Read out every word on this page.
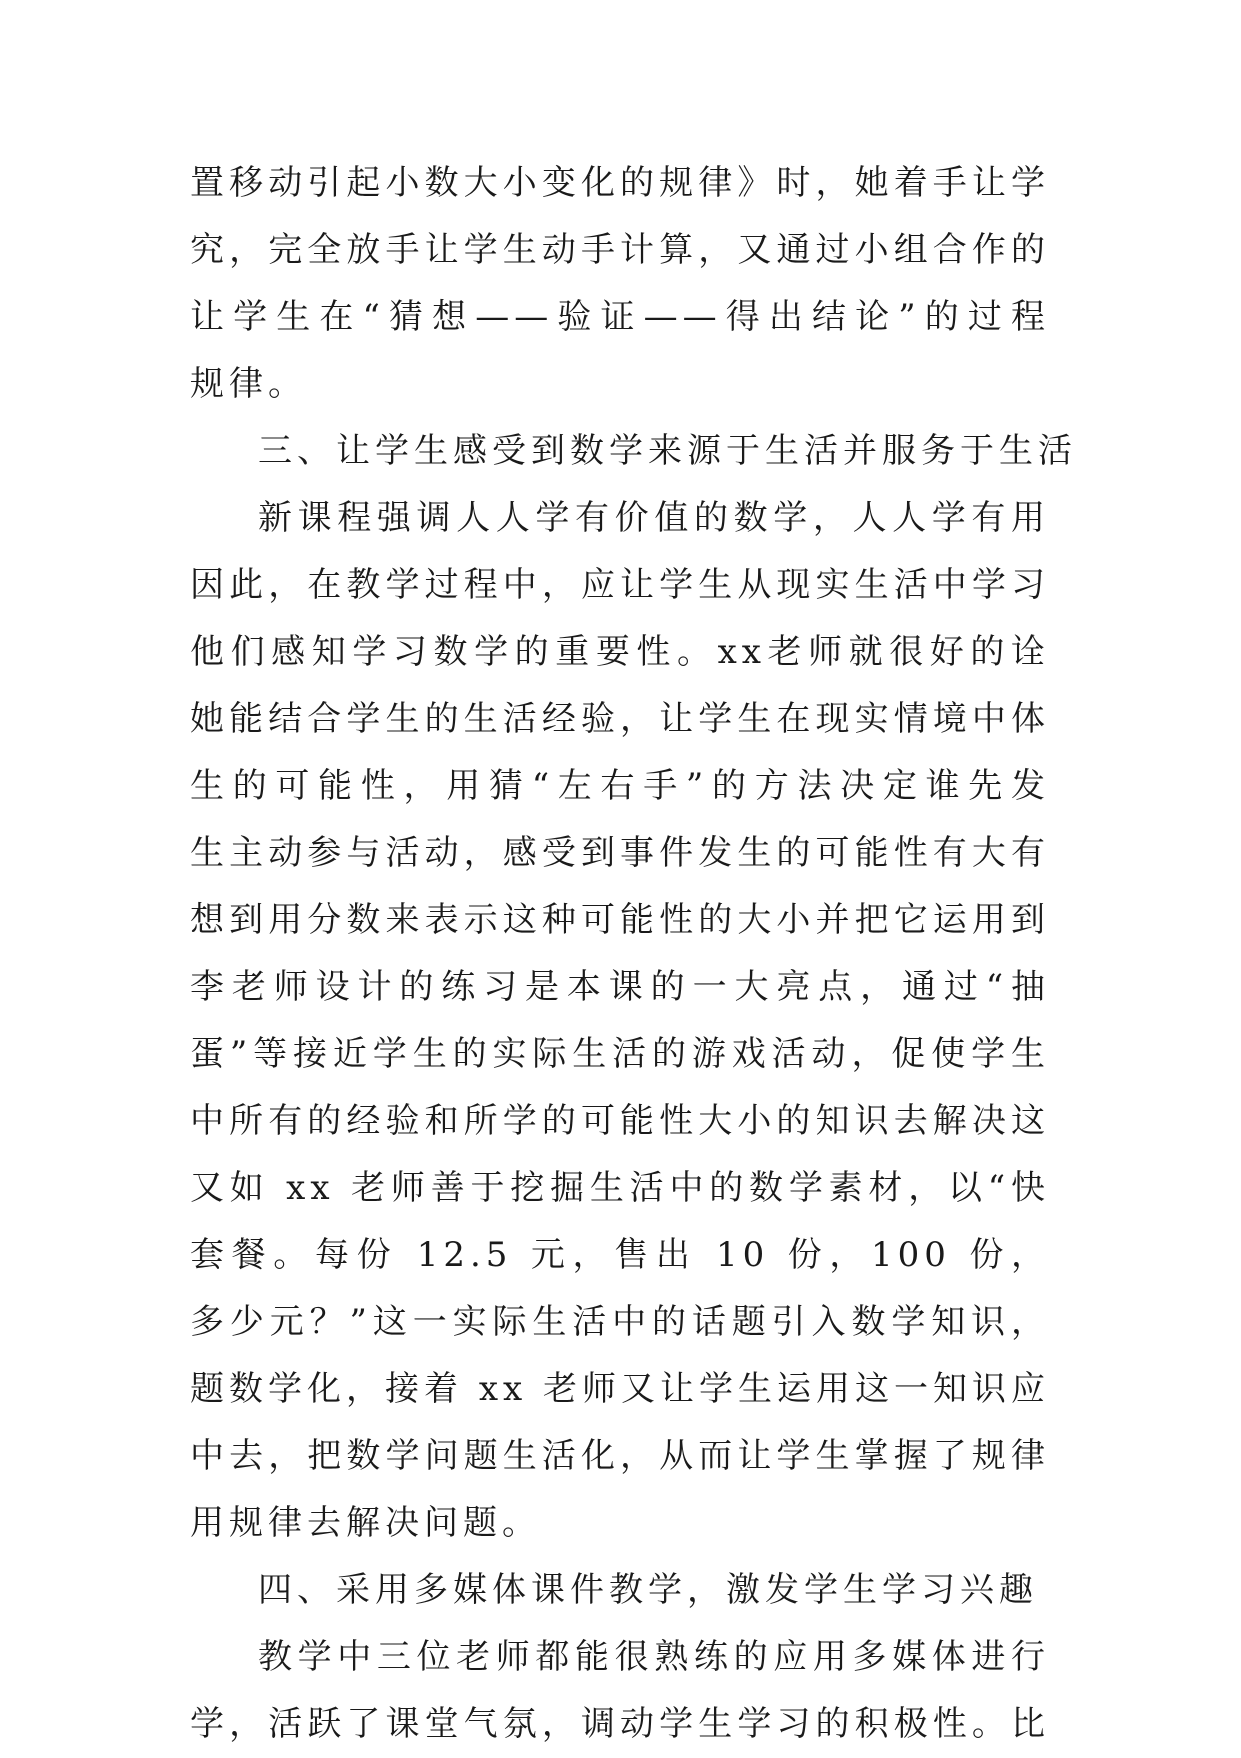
置移动引起小数大小变化的规律》时，她着手让学
究，完全放手让学生动手计算，又通过小组合作的
让学生在“猜想——验证——得出结论”的过程
规律。
三、让学生感受到数学来源于生活并服务于生活
新课程强调人人学有价值的数学，人人学有用
因此，在教学过程中，应让学生从现实生活中学习
他们感知学习数学的重要性。xx老师就很好的诠
她能结合学生的生活经验，让学生在现实情境中体
生的可能性，用猜“左右手”的方法决定谁先发
生主动参与活动，感受到事件发生的可能性有大有
想到用分数来表示这种可能性的大小并把它运用到
李老师设计的练习是本课的一大亮点，通过“抽
蛋”等接近学生的实际生活的游戏活动，促使学生
中所有的经验和所学的可能性大小的知识去解决这
又如 xx 老师善于挖掘生活中的数学素材，以“快
套餐。每份 12.5 元，售出 10 份，100 份，
多少元？”这一实际生活中的话题引入数学知识，
题数学化，接着 xx 老师又让学生运用这一知识应
中去，把数学问题生活化，从而让学生掌握了规律
用规律去解决问题。
四、采用多媒体课件教学，激发学生学习兴趣
教学中三位老师都能很熟练的应用多媒体进行
学，活跃了课堂气氛，调动学生学习的积极性。比
